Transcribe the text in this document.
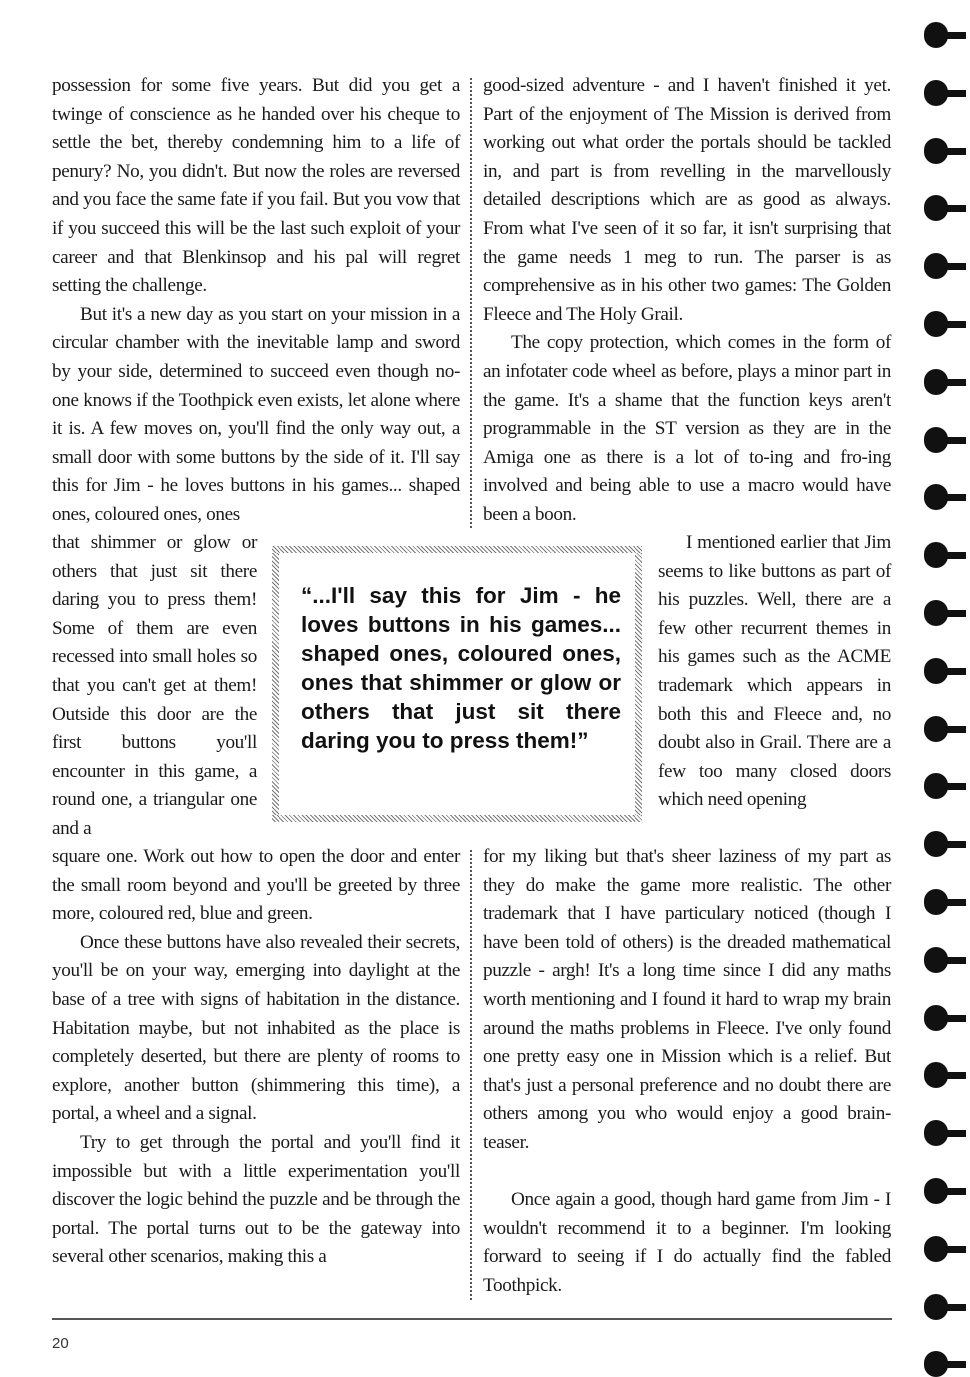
possession for some five years. But did you get a twinge of conscience as he handed over his cheque to settle the bet, thereby condemning him to a life of penury? No, you didn't. But now the roles are reversed and you face the same fate if you fail. But you vow that if you succeed this will be the last such exploit of your career and that Blenkinsop and his pal will regret setting the challenge.

But it's a new day as you start on your mission in a circular chamber with the inevitable lamp and sword by your side, determined to succeed even though no-one knows if the Toothpick even exists, let alone where it is. A few moves on, you'll find the only way out, a small door with some buttons by the side of it. I'll say this for Jim - he loves buttons in his games... shaped ones, coloured ones, ones

that shimmer or glow or others that just sit there daring you to press them! Some of them are even recessed into small holes so that you can't get at them! Outside this door are the first buttons you'll encounter in this game, a round one, a triangular one and a

square one. Work out how to open the door and enter the small room beyond and you'll be greeted by three more, coloured red, blue and green.

Once these buttons have also revealed their secrets, you'll be on your way, emerging into daylight at the base of a tree with signs of habitation in the distance. Habitation maybe, but not inhabited as the place is completely deserted, but there are plenty of rooms to explore, another button (shimmering this time), a portal, a wheel and a signal.

Try to get through the portal and you'll find it impossible but with a little experimentation you'll discover the logic behind the puzzle and be through the portal. The portal turns out to be the gateway into several other scenarios, making this a

good-sized adventure - and I haven't finished it yet. Part of the enjoyment of The Mission is derived from working out what order the portals should be tackled in, and part is from revelling in the marvellously detailed descriptions which are as good as always. From what I've seen of it so far, it isn't surprising that the game needs 1 meg to run. The parser is as comprehensive as in his other two games: The Golden Fleece and The Holy Grail.

The copy protection, which comes in the form of an infotater code wheel as before, plays a minor part in the game. It's a shame that the function keys aren't programmable in the ST version as they are in the Amiga one as there is a lot of to-ing and fro-ing involved and being able to use a macro would have been a boon.

I mentioned earlier that Jim seems to like buttons as part of his puzzles. Well, there are a few other recurrent themes in his games such as the ACME trademark which appears in both this and Fleece and, no doubt also in Grail. There are a few too many closed doors which need opening

for my liking but that's sheer laziness of my part as they do make the game more realistic. The other trademark that I have particulary noticed (though I have been told of others) is the dreaded mathematical puzzle - argh! It's a long time since I did any maths worth mentioning and I found it hard to wrap my brain around the maths problems in Fleece. I've only found one pretty easy one in Mission which is a relief. But that's just a personal preference and no doubt there are others among you who would enjoy a good brain-teaser.

Once again a good, though hard game from Jim - I wouldn't recommend it to a beginner. I'm looking forward to seeing if I do actually find the fabled Toothpick.

“...I'll say this for Jim - he loves buttons in his games... shaped ones, coloured ones, ones that shimmer or glow or others that just sit there daring you to press them!”
20
